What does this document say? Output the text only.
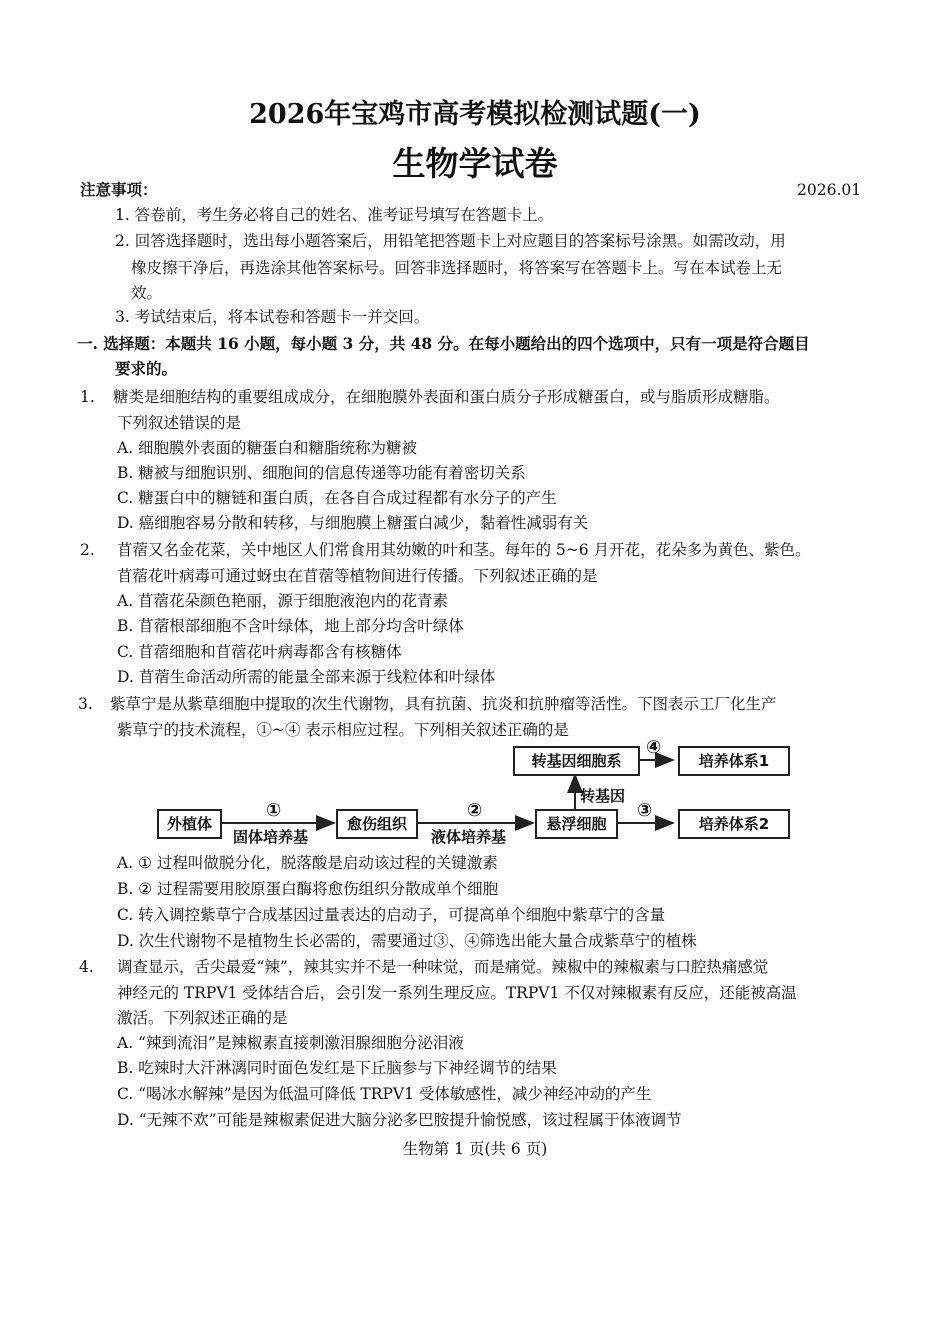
2026年宝鸡市高考模拟检测试题(一)
生物学试卷
注意事项：	2026.01
1. 答卷前，考生务必将自己的姓名、准考证号填写在答题卡上。
2. 回答选择题时，选出每小题答案后，用铅笔把答题卡上对应题目的答案标号涂黑。如需改动，用
橡皮擦干净后，再选涂其他答案标号。回答非选择题时，将答案写在答题卡上。写在本试卷上无
效。
3. 考试结束后，将本试卷和答题卡一并交回。
一. 选择题：本题共 16 小题，每小题 3 分，共 48 分。在每小题给出的四个选项中，只有一项是符合题目
要求的。
1. 糖类是细胞结构的重要组成成分，在细胞膜外表面和蛋白质分子形成糖蛋白，或与脂质形成糖脂。
下列叙述错误的是
A. 细胞膜外表面的糖蛋白和糖脂统称为糖被
B. 糖被与细胞识别、细胞间的信息传递等功能有着密切关系
C. 糖蛋白中的糖链和蛋白质，在各自合成过程都有水分子的产生
D. 癌细胞容易分散和转移，与细胞膜上糖蛋白减少，黏着性减弱有关
2. 苜蓿又名金花菜，关中地区人们常食用其幼嫩的叶和茎。每年的 5~6 月开花，花朵多为黄色、紫色。
苜蓿花叶病毒可通过蚜虫在苜蓿等植物间进行传播。下列叙述正确的是
A. 苜蓿花朵颜色艳丽，源于细胞液泡内的花青素
B. 苜蓿根部细胞不含叶绿体，地上部分均含叶绿体
C. 苜蓿细胞和苜蓿花叶病毒都含有核糖体
D. 苜蓿生命活动所需的能量全部来源于线粒体和叶绿体
3. 紫草宁是从紫草细胞中提取的次生代谢物，具有抗菌、抗炎和抗肿瘤等活性。下图表示工厂化生产
紫草宁的技术流程，①~④ 表示相应过程。下列相关叙述正确的是
外植体	愈伤组织	悬浮细胞
转基因细胞系	培养体系1
培养体系2
①	②	③
④
固体培养基	液体培养基
转基因
A. ① 过程叫做脱分化，脱落酸是启动该过程的关键激素
B. ② 过程需要用胶原蛋白酶将愈伤组织分散成单个细胞
C. 转入调控紫草宁合成基因过量表达的启动子，可提高单个细胞中紫草宁的含量
D. 次生代谢物不是植物生长必需的，需要通过③、④筛选出能大量合成紫草宁的植株
4. 调查显示，舌尖最爱“辣”，辣其实并不是一种味觉，而是痛觉。辣椒中的辣椒素与口腔热痛感觉
神经元的 TRPV1 受体结合后，会引发一系列生理反应。TRPV1 不仅对辣椒素有反应，还能被高温
激活。下列叙述正确的是
A. “辣到流泪”是辣椒素直接刺激泪腺细胞分泌泪液
B. 吃辣时大汗淋漓同时面色发红是下丘脑参与下神经调节的结果
C. “喝冰水解辣”是因为低温可降低 TRPV1 受体敏感性，减少神经冲动的产生
D. “无辣不欢”可能是辣椒素促进大脑分泌多巴胺提升愉悦感，该过程属于体液调节
生物第 1 页(共 6 页)
